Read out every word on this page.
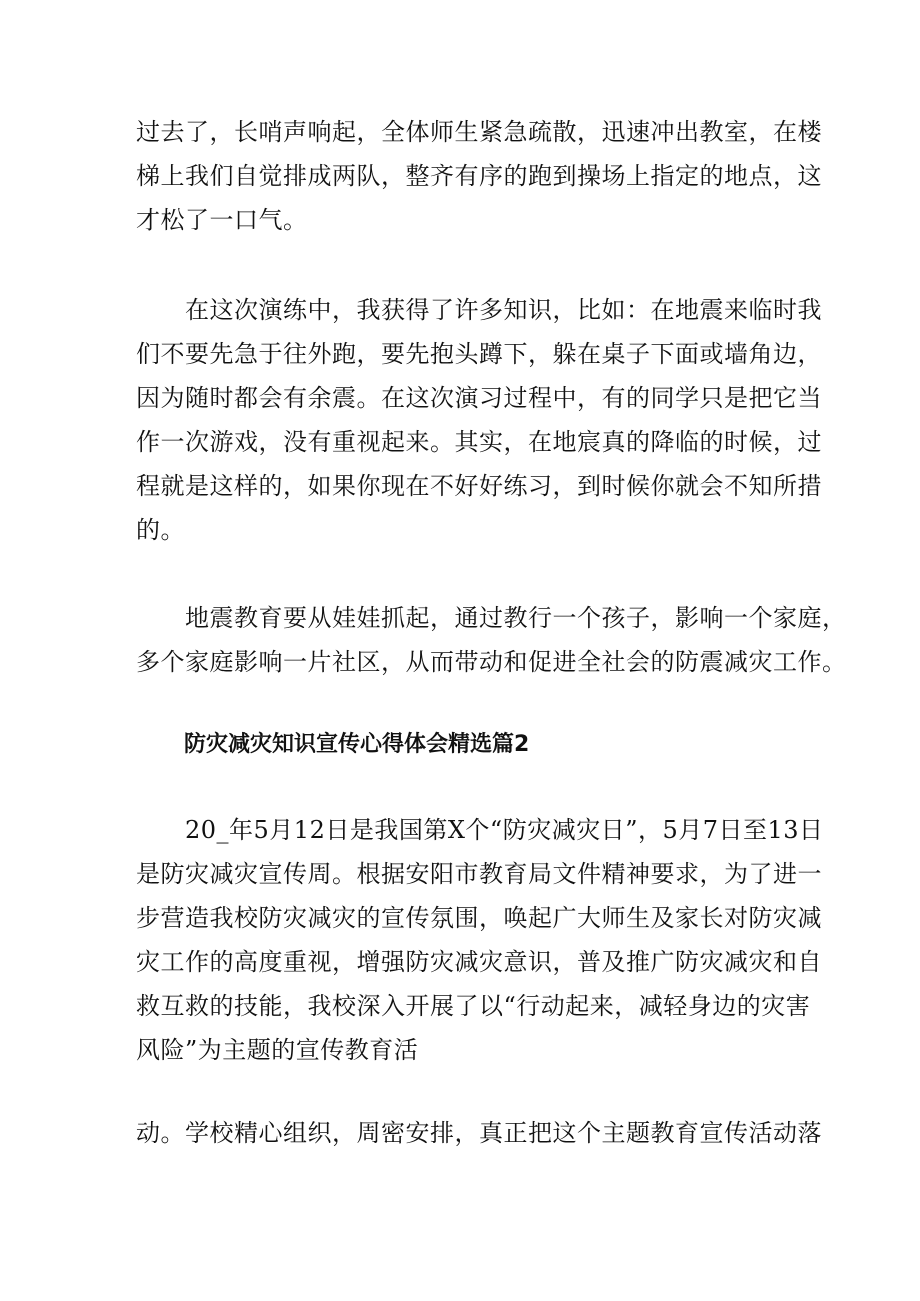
过去了，长哨声响起，全体师生紧急疏散，迅速冲出教室，在楼
梯上我们自觉排成两队，整齐有序的跑到操场上指定的地点，这
才松了一口气。

　　在这次演练中，我获得了许多知识，比如：在地震来临时我
们不要先急于往外跑，要先抱头蹲下，躲在桌子下面或墙角边，
因为随时都会有余震。在这次演习过程中，有的同学只是把它当
作一次游戏，没有重视起来。其实，在地宸真的降临的时候，过
程就是这样的，如果你现在不好好练习，到时候你就会不知所措
的。

　　地震教育要从娃娃抓起，通过教行一个孩子，影响一个家庭，
多个家庭影响一片社区，从而带动和促进全社会的防震减灾工作。

防灾减灾知识宣传心得体会精选篇2

　　20_年5月12日是我国第X个“防灾减灾日”，5月7日至13日
是防灾减灾宣传周。根据安阳市教育局文件精神要求，为了进一
步营造我校防灾减灾的宣传氛围，唤起广大师生及家长对防灾减
灾工作的高度重视，增强防灾减灾意识，普及推广防灾减灾和自
救互救的技能，我校深入开展了以“行动起来，减轻身边的灾害
风险”为主题的宣传教育活

动。学校精心组织，周密安排，真正把这个主题教育宣传活动落
